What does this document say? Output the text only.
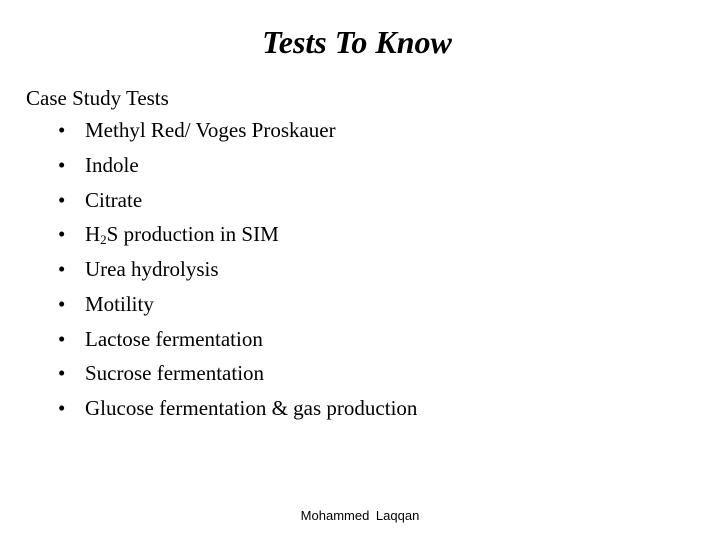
Tests To Know
Case Study Tests
• Methyl Red/ Voges Proskauer
• Indole
• Citrate
• $H_2S$ production in SIM
• Urea hydrolysis
• Motility
• Lactose fermentation
• Sucrose fermentation
• Glucose fermentation & gas production
Mohammed Laqqan
